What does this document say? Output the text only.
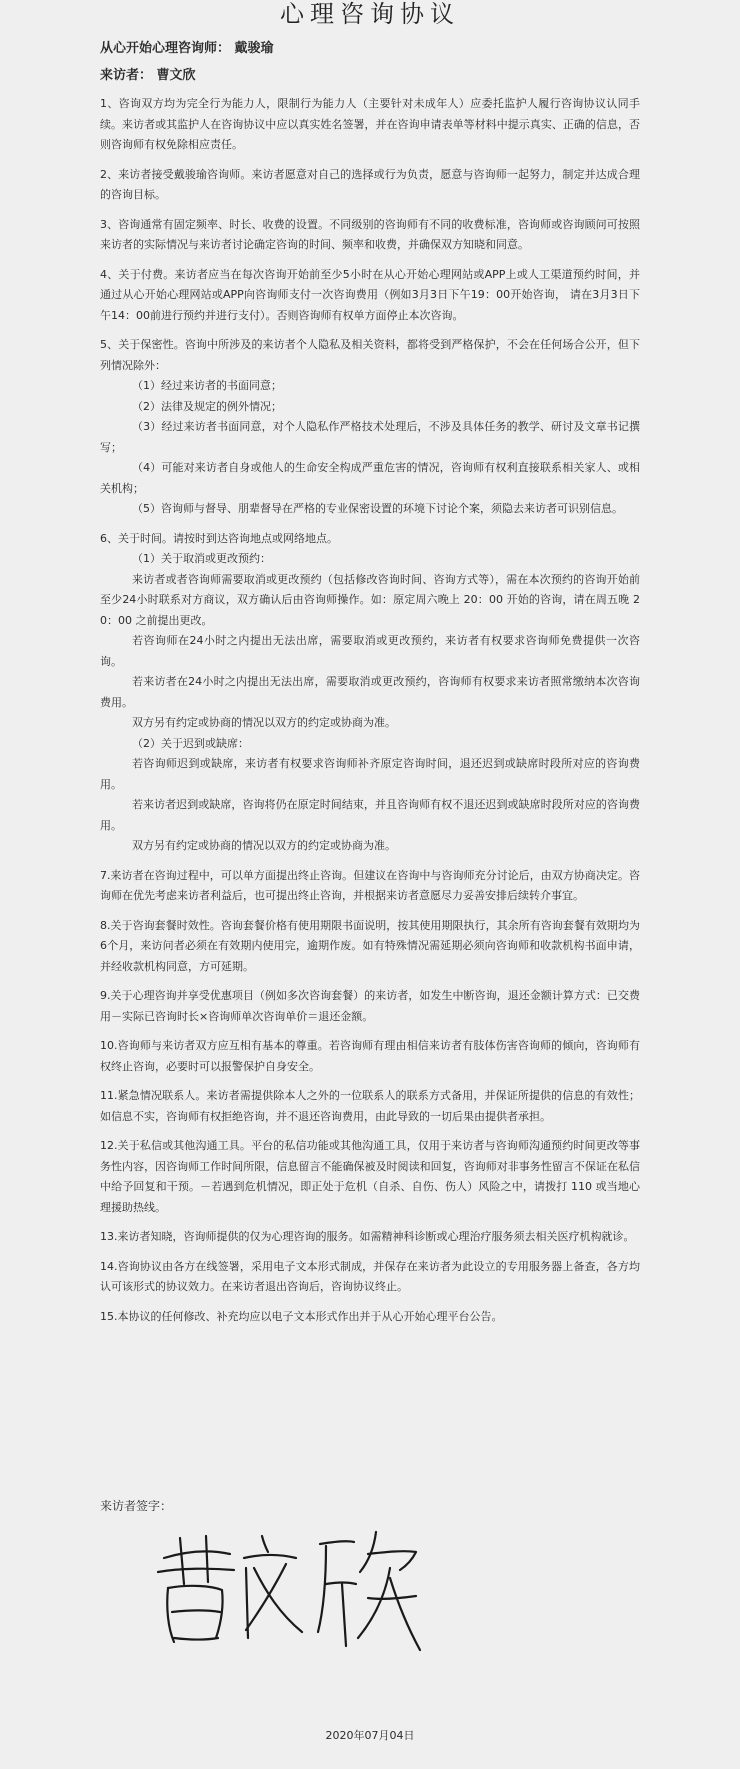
心理咨询协议
从心开始心理咨询师： 戴骏瑜
来访者： 曹文欣

1、咨询双方均为完全行为能力人，限制行为能力人（主要针对未成年人）应委托监护人履行咨询协议认同手续。来访者或其监护人在咨询协议中应以真实姓名签署，并在咨询申请表单等材料中提示真实、正确的信息，否则咨询师有权免除相应责任。

2、来访者接受戴骏瑜咨询师。来访者愿意对自己的选择或行为负责，愿意与咨询师一起努力，制定并达成合理的咨询目标。

3、咨询通常有固定频率、时长、收费的设置。不同级别的咨询师有不同的收费标准，咨询师或咨询顾问可按照来访者的实际情况与来访者讨论确定咨询的时间、频率和收费，并确保双方知晓和同意。

4、关于付费。来访者应当在每次咨询开始前至少5小时在从心开始心理网站或APP上或人工渠道预约时间，并通过从心开始心理网站或APP向咨询师支付一次咨询费用（例如3月3日下午19：00开始咨询， 请在3月3日下午14：00前进行预约并进行支付）。否则咨询师有权单方面停止本次咨询。

5、关于保密性。咨询中所涉及的来访者个人隐私及相关资料，都将受到严格保护，不会在任何场合公开，但下列情况除外：

（1）经过来访者的书面同意；

（2）法律及规定的例外情况；

（3）经过来访者书面同意，对个人隐私作严格技术处理后，不涉及具体任务的教学、研讨及文章书记撰写；

（4）可能对来访者自身或他人的生命安全构成严重危害的情况，咨询师有权利直接联系相关家人、或相关机构；

（5）咨询师与督导、朋辈督导在严格的专业保密设置的环境下讨论个案，须隐去来访者可识别信息。

6、关于时间。请按时到达咨询地点或网络地点。

（1）关于取消或更改预约：

来访者或者咨询师需要取消或更改预约（包括修改咨询时间、咨询方式等），需在本次预约的咨询开始前至少24小时联系对方商议，双方确认后由咨询师操作。如：原定周六晚上 20：00 开始的咨询，请在周五晚 20：00 之前提出更改。

若咨询师在24小时之内提出无法出席，需要取消或更改预约，来访者有权要求咨询师免费提供一次咨询。

若来访者在24小时之内提出无法出席，需要取消或更改预约，咨询师有权要求来访者照常缴纳本次咨询费用。

双方另有约定或协商的情况以双方的约定或协商为准。

（2）关于迟到或缺席：

若咨询师迟到或缺席，来访者有权要求咨询师补齐原定咨询时间，退还迟到或缺席时段所对应的咨询费用。

若来访者迟到或缺席，咨询将仍在原定时间结束，并且咨询师有权不退还迟到或缺席时段所对应的咨询费用。

双方另有约定或协商的情况以双方的约定或协商为准。

7.来访者在咨询过程中，可以单方面提出终止咨询。但建议在咨询中与咨询师充分讨论后，由双方协商决定。咨询师在优先考虑来访者利益后，也可提出终止咨询，并根据来访者意愿尽力妥善安排后续转介事宜。

8.关于咨询套餐时效性。咨询套餐价格有使用期限书面说明，按其使用期限执行，其余所有咨询套餐有效期均为6个月，来访问者必须在有效期内使用完，逾期作废。如有特殊情况需延期必须向咨询师和收款机构书面申请，并经收款机构同意，方可延期。

9.关于心理咨询并享受优惠项目（例如多次咨询套餐）的来访者，如发生中断咨询，退还金额计算方式：已交费用－实际已咨询时长×咨询师单次咨询单价＝退还金额。

10.咨询师与来访者双方应互相有基本的尊重。若咨询师有理由相信来访者有肢体伤害咨询师的倾向，咨询师有权终止咨询，必要时可以报警保护自身安全。

11.紧急情况联系人。来访者需提供除本人之外的一位联系人的联系方式备用，并保证所提供的信息的有效性；如信息不实，咨询师有权拒绝咨询，并不退还咨询费用，由此导致的一切后果由提供者承担。

12.关于私信或其他沟通工具。平台的私信功能或其他沟通工具，仅用于来访者与咨询师沟通预约时间更改等事务性内容，因咨询师工作时间所限，信息留言不能确保被及时阅读和回复，咨询师对非事务性留言不保证在私信中给予回复和干预。－若遇到危机情况，即正处于危机（自杀、自伤、伤人）风险之中，请拨打 110 或当地心理援助热线。

13.来访者知晓，咨询师提供的仅为心理咨询的服务。如需精神科诊断或心理治疗服务须去相关医疗机构就诊。

14.咨询协议由各方在线签署，采用电子文本形式制成，并保存在来访者为此设立的专用服务器上备查，各方均认可该形式的协议效力。在来访者退出咨询后，咨询协议终止。

15.本协议的任何修改、补充均应以电子文本形式作出并于从心开始心理平台公告。

来访者签字：
2020年07月04日
